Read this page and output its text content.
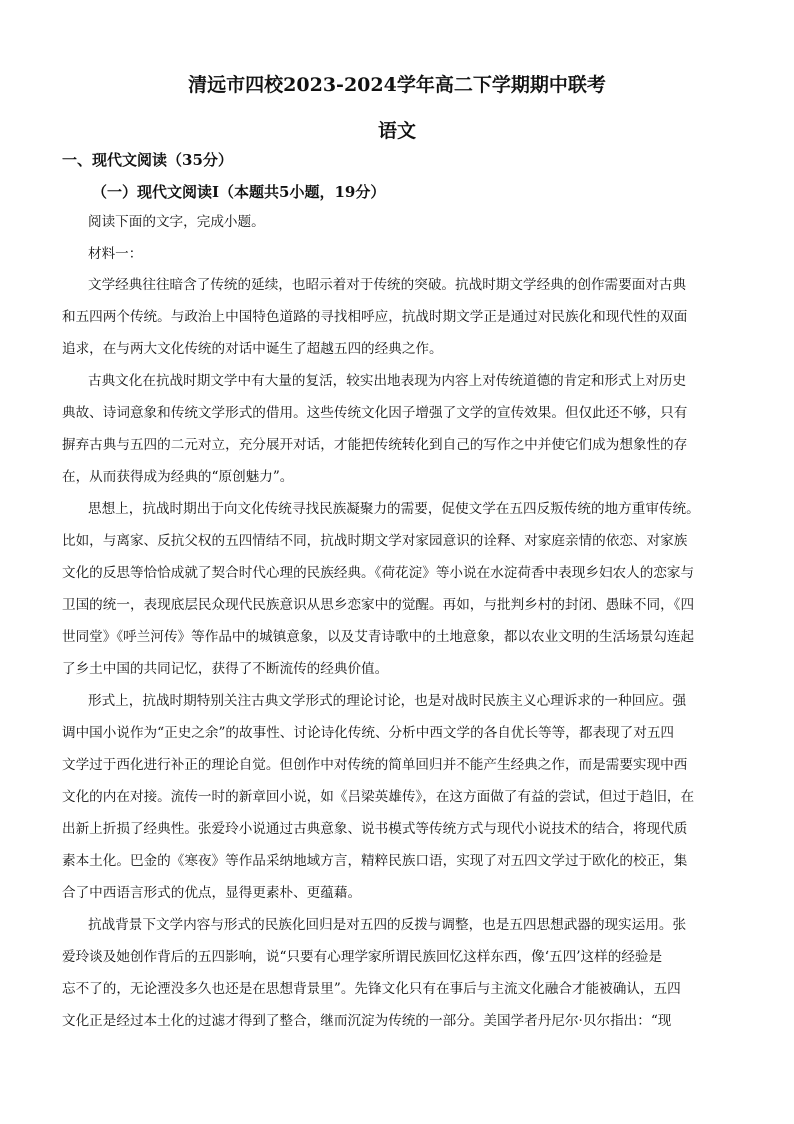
清远市四校2023-2024学年高二下学期期中联考
语文
一、现代文阅读（35分）
（一）现代文阅读Ⅰ（本题共5小题，19分）
阅读下面的文字，完成小题。
材料一：
文学经典往往暗含了传统的延续，也昭示着对于传统的突破。抗战时期文学经典的创作需要面对古典
和五四两个传统。与政治上中国特色道路的寻找相呼应，抗战时期文学正是通过对民族化和现代性的双面
追求，在与两大文化传统的对话中诞生了超越五四的经典之作。
古典文化在抗战时期文学中有大量的复活，较实出地表现为内容上对传统道德的肯定和形式上对历史
典故、诗词意象和传统文学形式的借用。这些传统文化因子增强了文学的宣传效果。但仅此还不够，只有
摒弃古典与五四的二元对立，充分展开对话，才能把传统转化到自己的写作之中并使它们成为想象性的存
在，从而获得成为经典的“原创魅力”。
思想上，抗战时期出于向文化传统寻找民族凝聚力的需要，促使文学在五四反叛传统的地方重审传统。
比如，与离家、反抗父权的五四情结不同，抗战时期文学对家园意识的诠释、对家庭亲情的依恋、对家族
文化的反思等恰恰成就了契合时代心理的民族经典。《荷花淀》等小说在水淀荷香中表现乡妇农人的恋家与
卫国的统一，表现底层民众现代民族意识从思乡恋家中的觉醒。再如，与批判乡村的封闭、愚昧不同，《四
世同堂》《呼兰河传》等作品中的城镇意象，以及艾青诗歌中的土地意象，都以农业文明的生活场景勾连起
了乡土中国的共同记忆，获得了不断流传的经典价值。
形式上，抗战时期特别关注古典文学形式的理论讨论，也是对战时民族主义心理诉求的一种回应。强
调中国小说作为“正史之余”的故事性、讨论诗化传统、分析中西文学的各自优长等等，都表现了对五四
文学过于西化进行补正的理论自觉。但创作中对传统的简单回归并不能产生经典之作，而是需要实现中西
文化的内在对接。流传一时的新章回小说，如《吕梁英雄传》，在这方面做了有益的尝试，但过于趋旧，在
出新上折损了经典性。张爱玲小说通过古典意象、说书模式等传统方式与现代小说技术的结合，将现代质
素本土化。巴金的《寒夜》等作品采纳地域方言，精粹民族口语，实现了对五四文学过于欧化的校正，集
合了中西语言形式的优点，显得更素朴、更蕴藉。
抗战背景下文学内容与形式的民族化回归是对五四的反拨与调整，也是五四思想武器的现实运用。张
爱玲谈及她创作背后的五四影响，说“只要有心理学家所谓民族回忆这样东西，像‘五四’这样的经验是
忘不了的，无论湮没多久也还是在思想背景里”。先锋文化只有在事后与主流文化融合才能被确认，五四
文化正是经过本土化的过滤才得到了整合，继而沉淀为传统的一部分。美国学者丹尼尔·贝尔指出：“现
